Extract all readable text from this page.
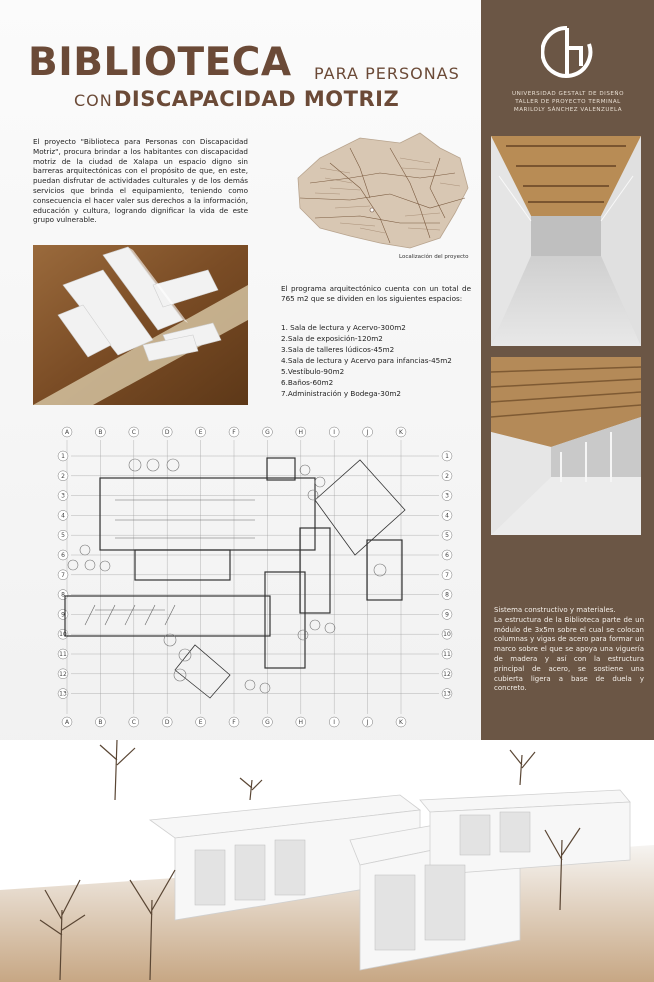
BIBLIOTECA PARA PERSONAS
CON DISCAPACIDAD MOTRIZ
El proyecto "Biblioteca para Personas con Discapacidad Motriz", procura brindar a los habitantes con discapacidad motriz de la ciudad de Xalapa un espacio digno sin barreras arquitectónicas con el propósito de que, en este, puedan disfrutar de actividades culturales y de los demás servicios que brinda el equipamiento, teniendo como consecuencia el hacer valer sus derechos a la información, educación y cultura, logrando dignificar la vida de este grupo vulnerable.
Localización del proyecto
El programa arquitectónico cuenta con un total de 765 m2 que se dividen en los siguientes espacios:
1. Sala de lectura y Acervo-300m2
2.Sala de exposición-120m2
3.Sala de talleres lúdicos-45m2
4.Sala de lectura y Acervo para infancias-45m2
5.Vestíbulo-90m2
6.Baños-60m2
7.Administración y Bodega-30m2
A
A
B
B
C
C
D
D
E
E
F
F
G
G
H
H
I
I
J
J
K
K
1	1
2	2
3	3
4	4
5	5
6	6
7	7
8	8
9	9
10	10
11	11
12	12
13	13
UNIVERSIDAD GESTALT DE DISEÑO
TALLER DE PROYECTO TERMINAL
MARILOLY SÁNCHEZ VALENZUELA
Sistema constructivo y materiales.
La estructura de la Biblioteca parte de un módulo de 3x5m sobre el cual se colocan columnas y vigas de acero para formar un marco sobre el que se apoya una viguería de madera y así con la estructura principal de acero, se sostiene una cubierta ligera a base de duela y concreto.
